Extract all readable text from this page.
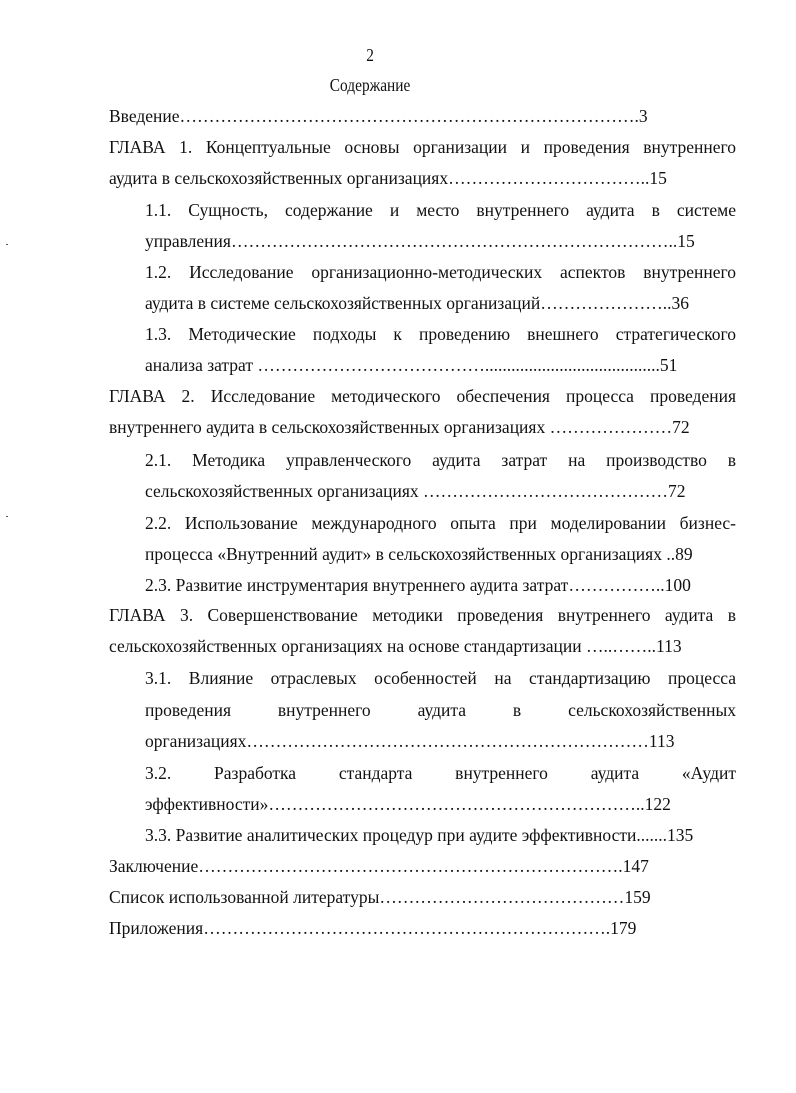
2

Содержание

Введение…………………………………………………………………….3

ГЛАВА 1. Концептуальные основы организации и проведения внутреннего

аудита в сельскохозяйственных организациях……………………………..15

1.1. Сущность, содержание и место внутреннего аудита в системе

управления…………………………………………………………………..15

1.2. Исследование организационно-методических аспектов внутреннего

аудита в системе сельскохозяйственных организаций…………………..36

1.3. Методические подходы к проведению внешнего стратегического

анализа затрат …………………………………........................................51

ГЛАВА 2. Исследование методического обеспечения процесса проведения

внутреннего аудита в сельскохозяйственных организациях …………………72

2.1. Методика управленческого аудита затрат на производство в

сельскохозяйственных организациях ……………………………………72

2.2. Использование международного опыта при моделировании бизнес-

процесса «Внутренний аудит» в сельскохозяйственных организациях ..89

2.3. Развитие инструментария внутреннего аудита затрат……………..100

ГЛАВА 3. Совершенствование методики проведения внутреннего аудита в

сельскохозяйственных организациях на основе стандартизации …..……..113

3.1. Влияние отраслевых особенностей на стандартизацию процесса

проведения внутреннего аудита в сельскохозяйственных

организациях……………………………………………………………113

3.2. Разработка стандарта внутреннего аудита «Аудит

эффективности»………………………………………………………..122

3.3. Развитие аналитических процедур при аудите эффективности.......135

Заключение……………………………………………………………….147

Список использованной литературы……………………………………159

Приложения…………………………………………………………….179
